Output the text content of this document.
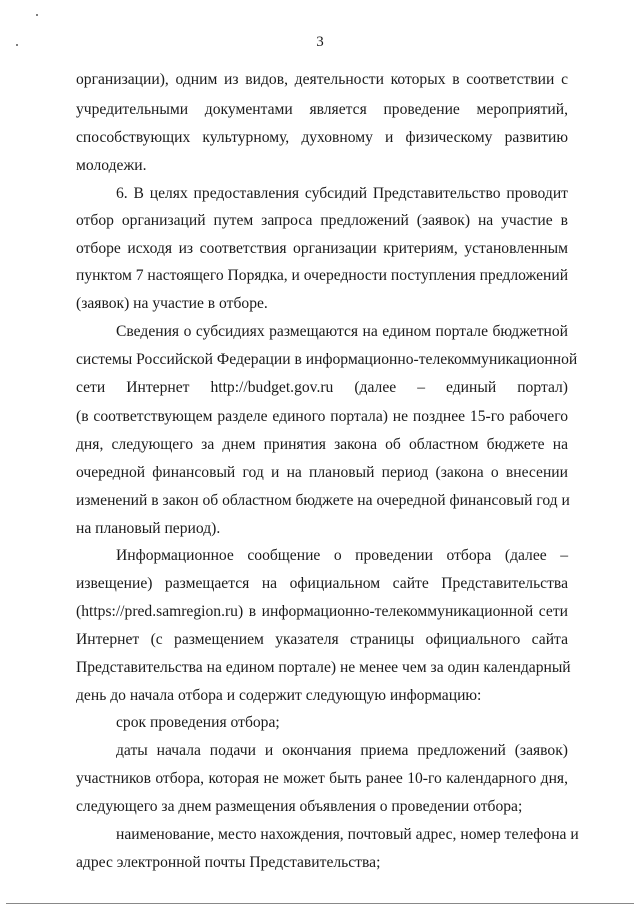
3
организации), одним из видов, деятельности которых в соответствии с
учредительными документами является проведение мероприятий,
способствующих культурному, духовному и физическому развитию
молодежи.
6. В целях предоставления субсидий Представительство проводит
отбор организаций путем запроса предложений (заявок) на участие в
отборе исходя из соответствия организации критериям, установленным
пунктом 7 настоящего Порядка, и очередности поступления предложений
(заявок) на участие в отборе.
Сведения о субсидиях размещаются на едином портале бюджетной
системы Российской Федерации в информационно-телекоммуникационной
сети Интернет http://budget.gov.ru (далее – единый портал)
(в соответствующем разделе единого портала) не позднее 15-го рабочего
дня, следующего за днем принятия закона об областном бюджете на
очередной финансовый год и на плановый период (закона о внесении
изменений в закон об областном бюджете на очередной финансовый год и
на плановый период).
Информационное сообщение о проведении отбора (далее –
извещение) размещается на официальном сайте Представительства
(https://pred.samregion.ru) в информационно-телекоммуникационной сети
Интернет (с размещением указателя страницы официального сайта
Представительства на едином портале) не менее чем за один календарный
день до начала отбора и содержит следующую информацию:
срок проведения отбора;
даты начала подачи и окончания приема предложений (заявок)
участников отбора, которая не может быть ранее 10-го календарного дня,
следующего за днем размещения объявления о проведении отбора;
наименование, место нахождения, почтовый адрес, номер телефона и
адрес электронной почты Представительства;
